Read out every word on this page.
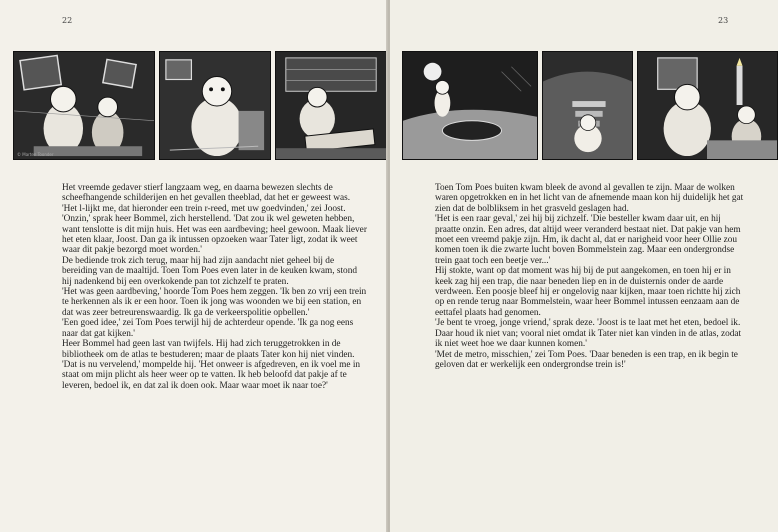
22
© Marten Toonder

Het vreemde gedaver stierf langzaam weg, en daarna bewezen slechts de scheefhangende schilderijen en het gevallen theeblad, dat het er geweest was.

'Het l-lijkt me, dat hieronder een trein r-reed, met uw goedvinden,' zei Joost.

'Onzin,' sprak heer Bommel, zich herstellend. 'Dat zou ik wel geweten hebben, want tenslotte is dit mijn huis. Het was een aardbeving; heel gewoon. Maak liever het eten klaar, Joost. Dan ga ik intussen opzoeken waar Tater ligt, zodat ik weet waar dit pakje bezorgd moet worden.'

De bediende trok zich terug, maar hij had zijn aandacht niet geheel bij de bereiding van de maaltijd. Toen Tom Poes even later in de keuken kwam, stond hij nadenkend bij een overkokende pan tot zichzelf te praten.

'Het was geen aardbeving,' hoorde Tom Poes hem zeggen. 'Ik ben zo vrij een trein te herkennen als ik er een hoor. Toen ik jong was woonden we bij een station, en dat was zeer betreurenswaardig. Ik ga de verkeerspolitie opbellen.'

'Een goed idee,' zei Tom Poes terwijl hij de achterdeur opende. 'Ik ga nog eens naar dat gat kijken.'

Heer Bommel had geen last van twijfels. Hij had zich teruggetrokken in de bibliotheek om de atlas te bestuderen; maar de plaats Tater kon hij niet vinden.

'Dat is nu vervelend,' mompelde hij. 'Het onweer is afgedreven, en ik voel me in staat om mijn plicht als heer weer op te vatten. Ik heb beloofd dat pakje af te leveren, bedoel ik, en dat zal ik doen ook. Maar waar moet ik naar toe?'

23

Toen Tom Poes buiten kwam bleek de avond al gevallen te zijn. Maar de wolken waren opgetrokken en in het licht van de afnemende maan kon hij duidelijk het gat zien dat de bolbliksem in het grasveld geslagen had.

'Het is een raar geval,' zei hij bij zichzelf. 'Die besteller kwam daar uit, en hij praatte onzin. Een adres, dat altijd weer veranderd bestaat niet. Dat pakje van hem moet een vreemd pakje zijn. Hm, ik dacht al, dat er narigheid voor heer Ollie zou komen toen ik die zwarte lucht boven Bommelstein zag. Maar een ondergrondse trein gaat toch een beetje ver...'

Hij stokte, want op dat moment was hij bij de put aangekomen, en toen hij er in keek zag hij een trap, die naar beneden liep en in de duisternis onder de aarde verdween. Een poosje bleef hij er ongelovig naar kijken, maar toen richtte hij zich op en rende terug naar Bommelstein, waar heer Bommel intussen eenzaam aan de eettafel plaats had genomen.

'Je bent te vroeg, jonge vriend,' sprak deze. 'Joost is te laat met het eten, bedoel ik. Daar houd ik niet van; vooral niet omdat ik Tater niet kan vinden in de atlas, zodat ik niet weet hoe we daar kunnen komen.'

'Met de metro, misschien,' zei Tom Poes. 'Daar beneden is een trap, en ik begin te geloven dat er werkelijk een ondergrondse trein is!'
